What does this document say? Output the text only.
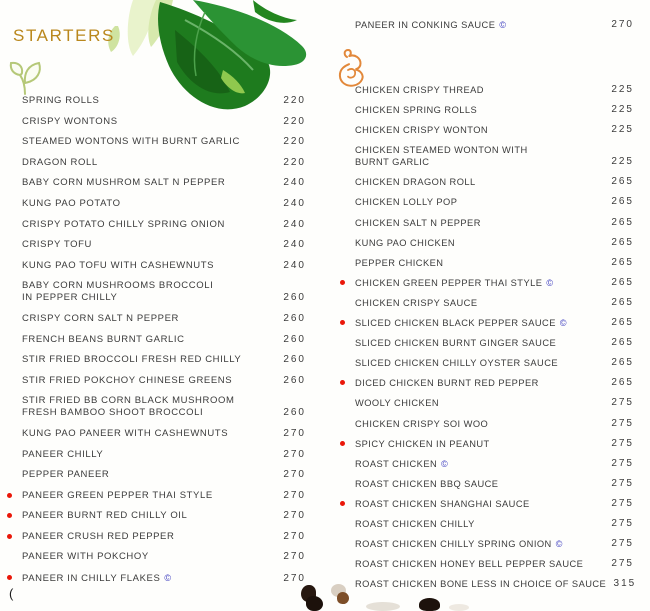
STARTERS
SPRING ROLLS	220
CRISPY WONTONS	220
STEAMED WONTONS WITH BURNT GARLIC	220
DRAGON ROLL	220
BABY CORN MUSHROM SALT N PEPPER	240
KUNG PAO POTATO	240
CRISPY POTATO CHILLY SPRING ONION	240
CRISPY TOFU	240
KUNG PAO TOFU WITH CASHEWNUTS	240
BABY CORN MUSHROOMS BROCCOLI
IN PEPPER CHILLY	260
CRISPY CORN SALT N PEPPER	260
FRENCH BEANS BURNT GARLIC	260
STIR FRIED BROCCOLI FRESH RED CHILLY	260
STIR FRIED POKCHOY CHINESE GREENS	260
STIR FRIED BB CORN BLACK MUSHROOM
FRESH BAMBOO SHOOT BROCCOLI	260
KUNG PAO PANEER WITH CASHEWNUTS	270
PANEER CHILLY	270
PEPPER PANEER	270
PANEER GREEN PEPPER THAI STYLE	270
PANEER BURNT RED CHILLY OIL	270
PANEER CRUSH RED PEPPER	270
PANEER WITH POKCHOY	270
PANEER IN CHILLY FLAKES ©	270
(
PANEER IN CONKING SAUCE ©	270
CHICKEN CRISPY THREAD	225
CHICKEN SPRING ROLLS	225
CHICKEN CRISPY WONTON	225
CHICKEN STEAMED WONTON WITH
BURNT GARLIC	225
CHICKEN DRAGON ROLL	265
CHICKEN LOLLY POP	265
CHICKEN SALT N PEPPER	265
KUNG PAO CHICKEN	265
PEPPER CHICKEN	265
CHICKEN GREEN PEPPER THAI STYLE ©	265
CHICKEN CRISPY SAUCE	265
SLICED CHICKEN BLACK PEPPER SAUCE ©	265
SLICED CHICKEN BURNT GINGER SAUCE	265
SLICED CHICKEN CHILLY OYSTER SAUCE	265
DICED CHICKEN BURNT RED PEPPER	265
WOOLY CHICKEN	275
CHICKEN CRISPY SOI WOO	275
SPICY CHICKEN IN PEANUT	275
ROAST CHICKEN ©	275
ROAST CHICKEN BBQ SAUCE	275
ROAST CHICKEN SHANGHAI SAUCE	275
ROAST CHICKEN CHILLY	275
ROAST CHICKEN CHILLY SPRING ONION ©	275
ROAST CHICKEN HONEY BELL PEPPER SAUCE	275
ROAST CHICKEN BONE LESS IN CHOICE OF SAUCE 315
